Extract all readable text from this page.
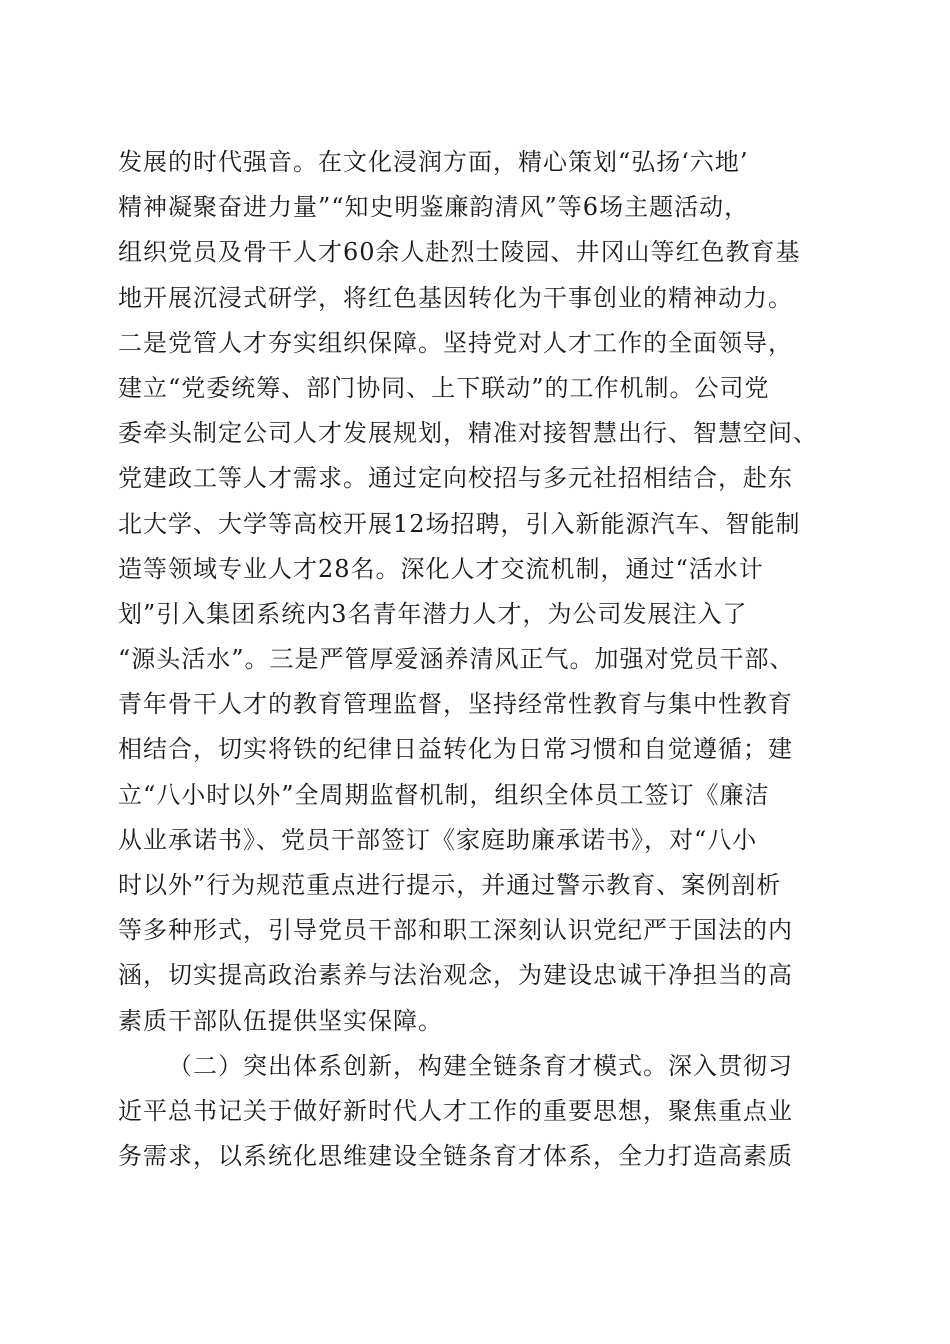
发展的时代强音。在文化浸润方面，精心策划“弘扬‘六地’
精神凝聚奋进力量”“知史明鉴廉韵清风”等6场主题活动，
组织党员及骨干人才60余人赴烈士陵园、井冈山等红色教育基
地开展沉浸式研学，将红色基因转化为干事创业的精神动力。
二是党管人才夯实组织保障。坚持党对人才工作的全面领导，
建立“党委统筹、部门协同、上下联动”的工作机制。公司党
委牵头制定公司人才发展规划，精准对接智慧出行、智慧空间、
党建政工等人才需求。通过定向校招与多元社招相结合，赴东
北大学、大学等高校开展12场招聘，引入新能源汽车、智能制
造等领域专业人才28名。深化人才交流机制，通过“活水计
划”引入集团系统内3名青年潜力人才，为公司发展注入了
“源头活水”。三是严管厚爱涵养清风正气。加强对党员干部、
青年骨干人才的教育管理监督，坚持经常性教育与集中性教育
相结合，切实将铁的纪律日益转化为日常习惯和自觉遵循；建
立“八小时以外”全周期监督机制，组织全体员工签订《廉洁
从业承诺书》、党员干部签订《家庭助廉承诺书》，对“八小
时以外”行为规范重点进行提示，并通过警示教育、案例剖析
等多种形式，引导党员干部和职工深刻认识党纪严于国法的内
涵，切实提高政治素养与法治观念，为建设忠诚干净担当的高
素质干部队伍提供坚实保障。
（二）突出体系创新，构建全链条育才模式。深入贯彻习
近平总书记关于做好新时代人才工作的重要思想，聚焦重点业
务需求，以系统化思维建设全链条育才体系，全力打造高素质
